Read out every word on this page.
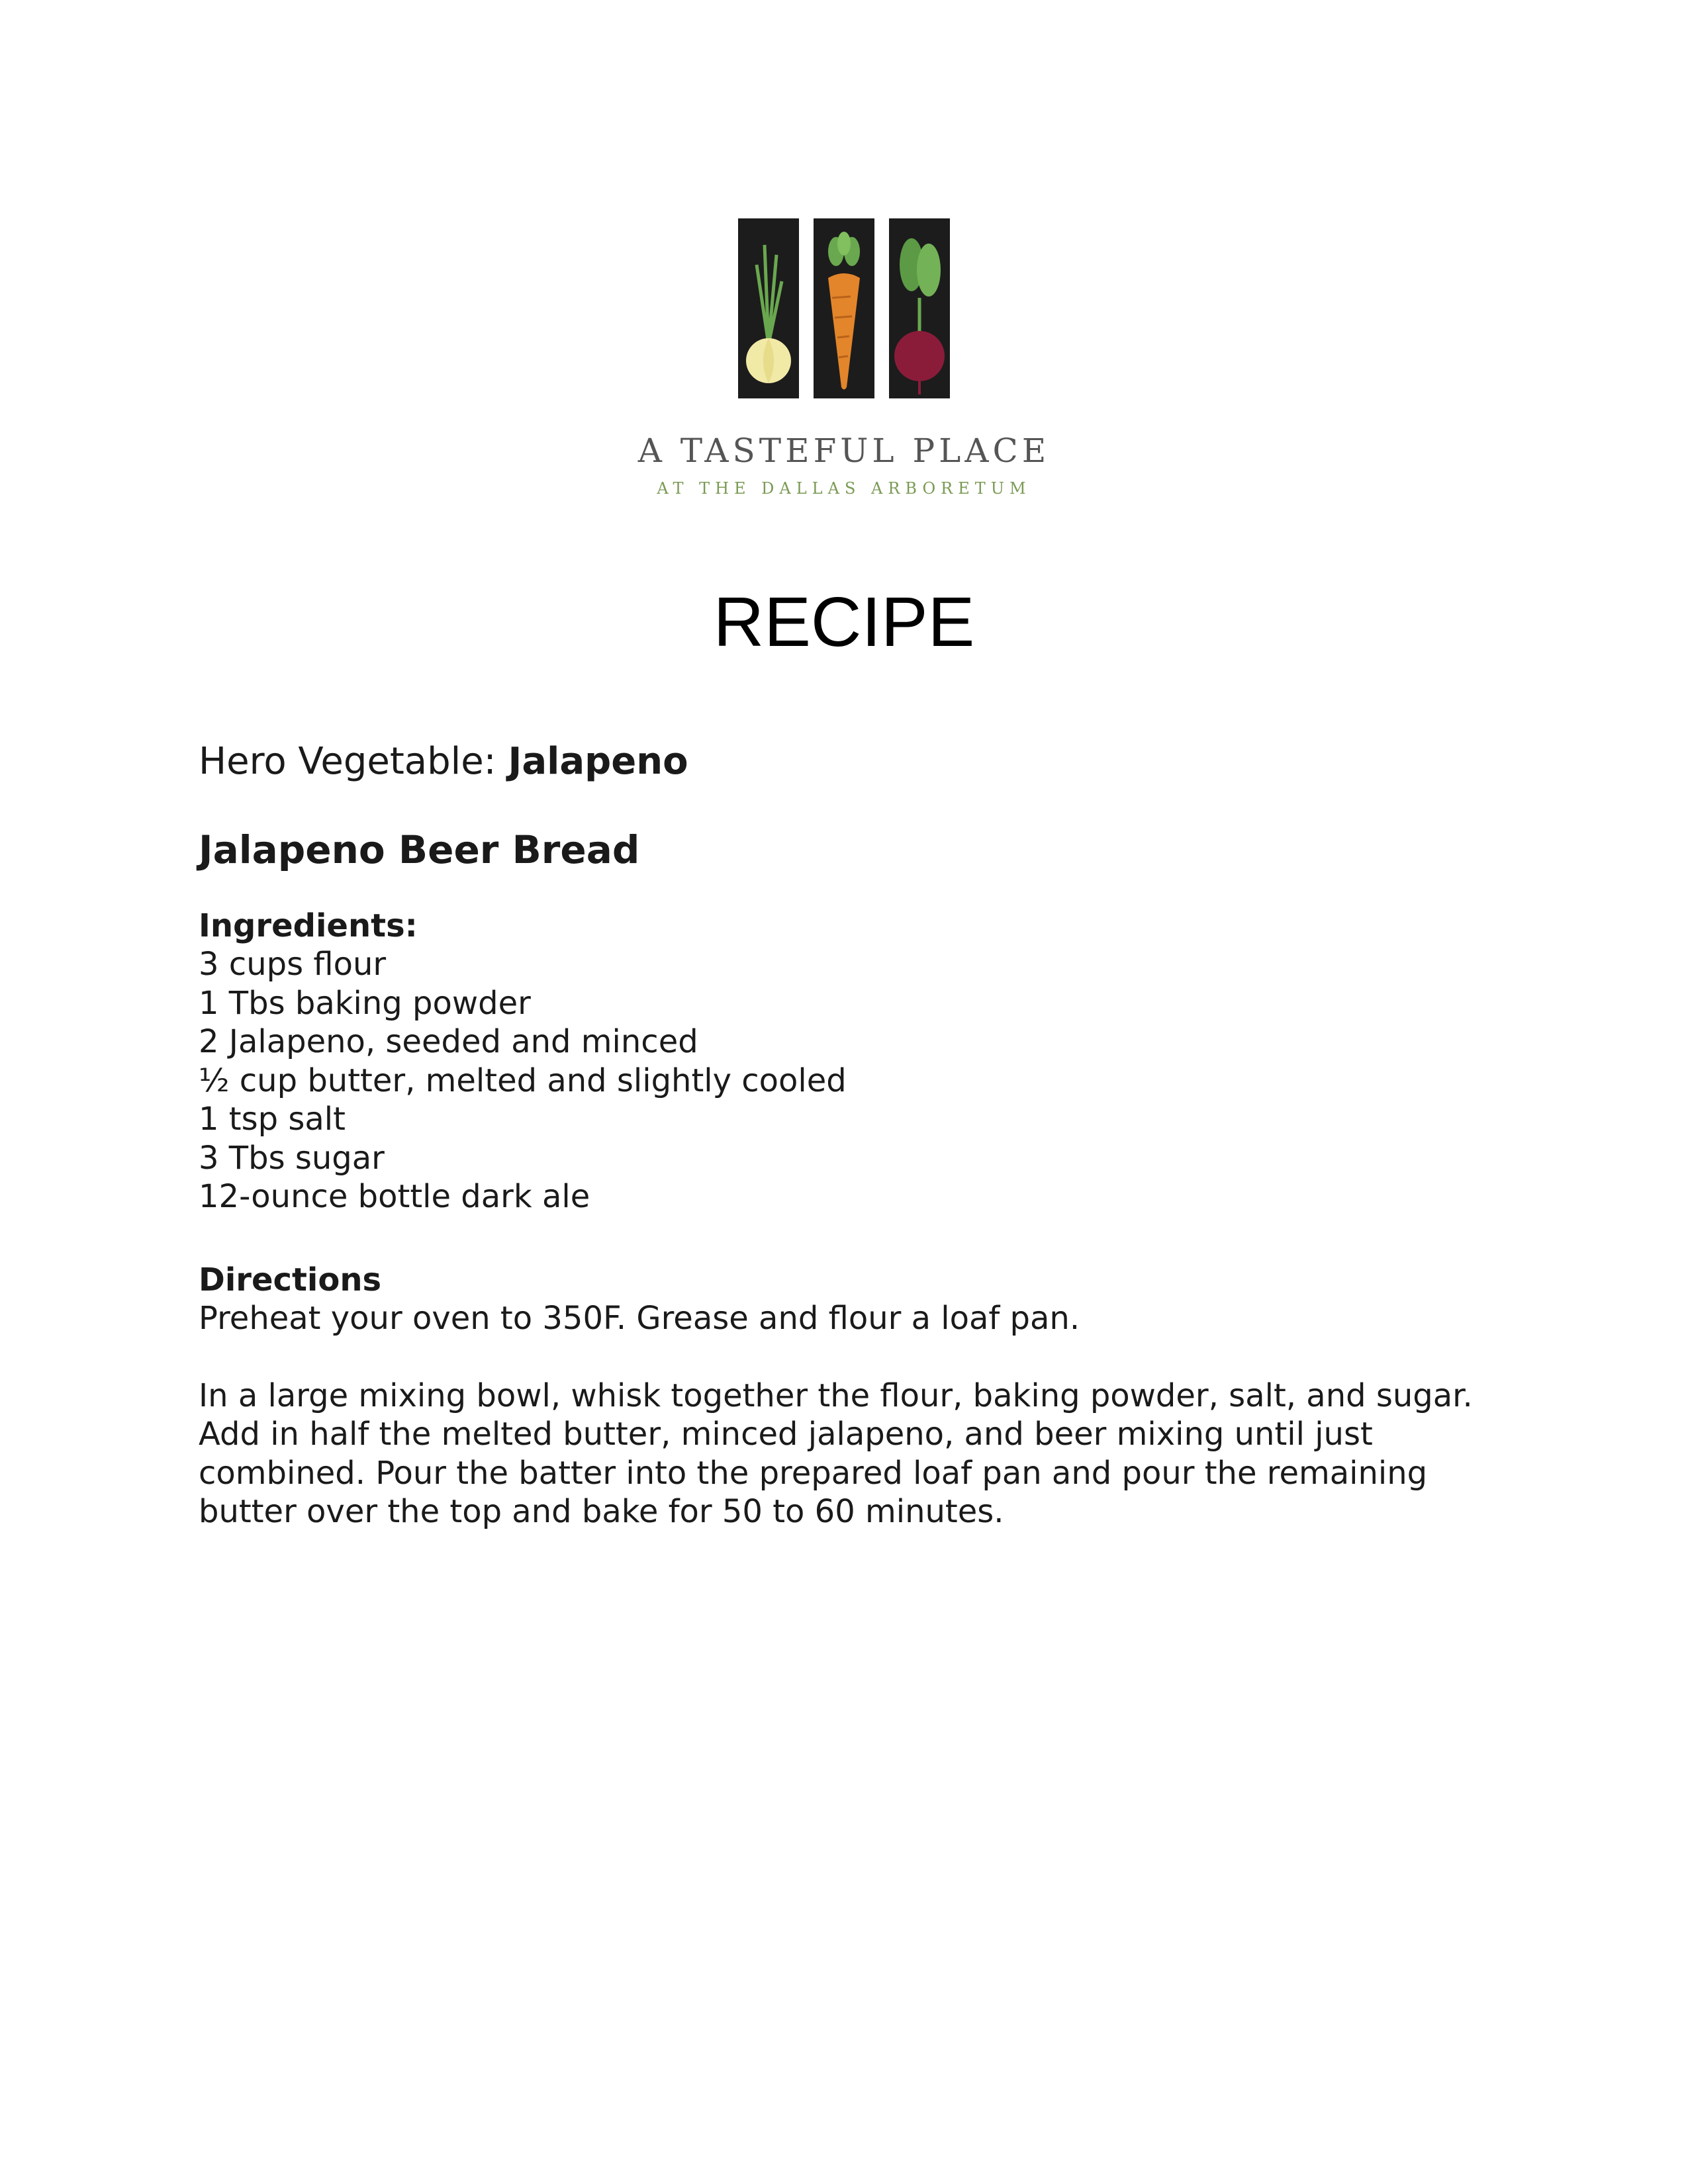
A TASTEFUL PLACE
AT THE DALLAS ARBORETUM
RECIPE
Hero Vegetable: Jalapeno
Jalapeno Beer Bread
Ingredients:
3 cups flour
1 Tbs baking powder
2 Jalapeno, seeded and minced
½ cup butter, melted and slightly cooled
1 tsp salt
3 Tbs sugar
12-ounce bottle dark ale
Directions

Preheat your oven to 350F. Grease and flour a loaf pan.

In a large mixing bowl, whisk together the flour, baking powder, salt, and sugar. Add in half the melted butter, minced jalapeno, and beer mixing until just combined. Pour the batter into the prepared loaf pan and pour the remaining butter over the top and bake for 50 to 60 minutes.
